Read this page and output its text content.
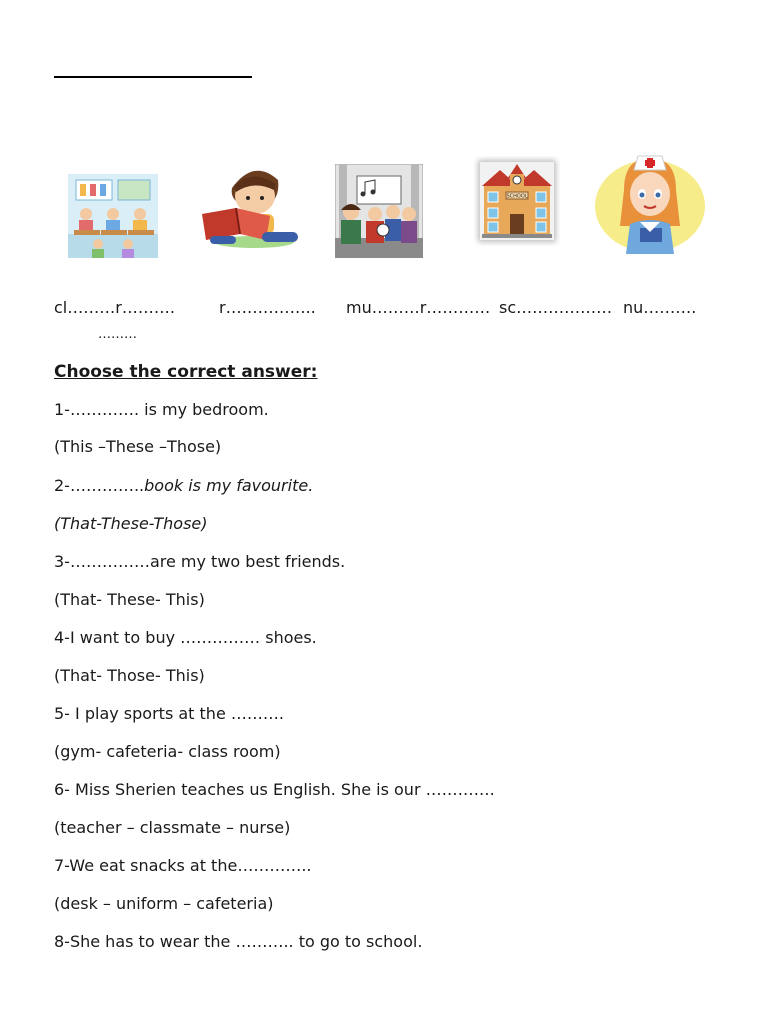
SCHOOL
cl………r……….	r…………….. mu………r………… sc……………… nu……….
………
Choose the correct answer:
1-…………. is my bedroom.
(This –These –Those)
2-…………..book is my favourite.
(That-These-Those)
3-……………are my two best friends.
(That- These- This)
4-I want to buy …………… shoes.
(That- Those- This)
5- I play sports at the ……….
(gym- cafeteria- class room)
6- Miss Sherien teaches us English. She is our ………….
(teacher – classmate – nurse)
7-We eat snacks at the…………..
(desk – uniform – cafeteria)
8-She has to wear the ……….. to go to school.
